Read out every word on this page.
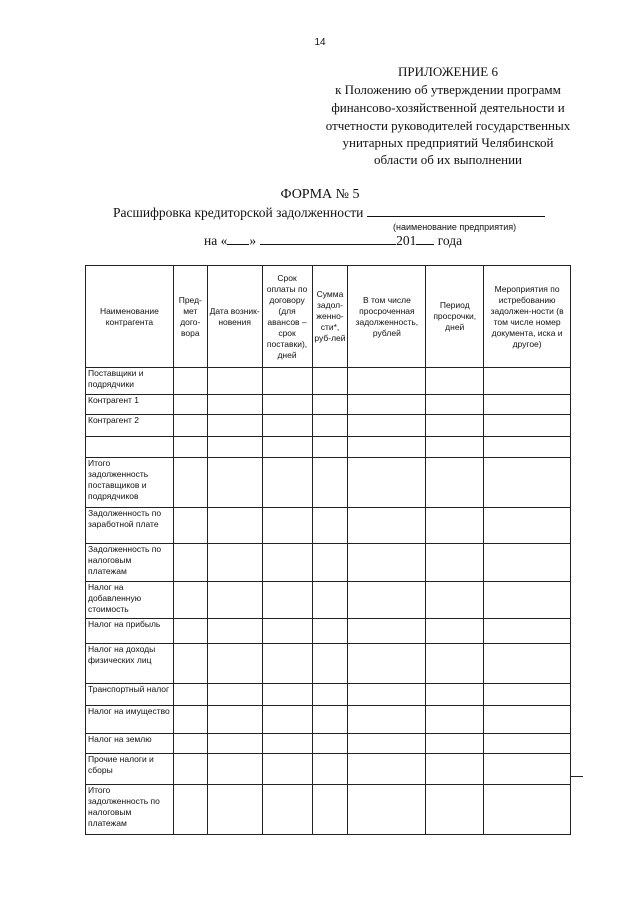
14
ПРИЛОЖЕНИЕ 6
к Положению об утверждении программ
финансово-хозяйственной деятельности и
отчетности руководителей государственных
унитарных предприятий Челябинской
области об их выполнении
ФОРМА № 5
Расшифровка кредиторской задолженности
(наименование предприятия)
на « »	201 года
Наименование контрагента	Пред-мет дого-вора	Дата возник-новения	Срок оплаты по договору (для авансов – срок поставки), дней	Сумма задол-женно-сти*, руб-лей	В том числе просроченная задолженность, рублей	Период просрочки, дней	Мероприятия по истребованию задолжен-ности (в том числе номер документа, иска и другое)
Поставщики и подрядчики							
Контрагент 1							
Контрагент 2							

Итого задолженность поставщиков и подрядчиков							
Задолженность по заработной плате							
Задолженность по налоговым платежам							
Налог на добавленную стоимость							
Налог на прибыль							
Налог на доходы физических лиц							
Транспортный налог							
Налог на имущество							
Налог на землю							
Прочие налоги и сборы							
Итого задолженность по налоговым платежам							
